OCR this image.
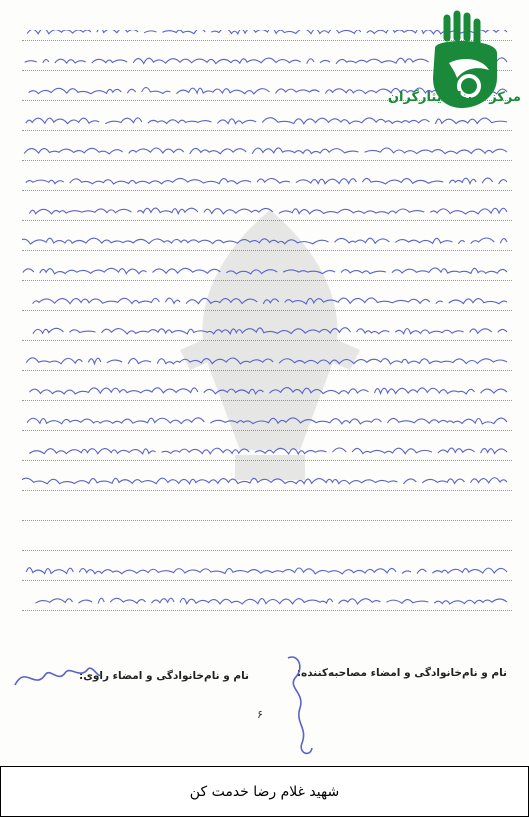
مرکز اسناد ایثارگران
نام و نام‌خانوادگی و امضاء مصاحبه‌کننده:
نام و نام‌خانوادگی و امضاء راوی:
۶
شهید غلام رضا خدمت کن
